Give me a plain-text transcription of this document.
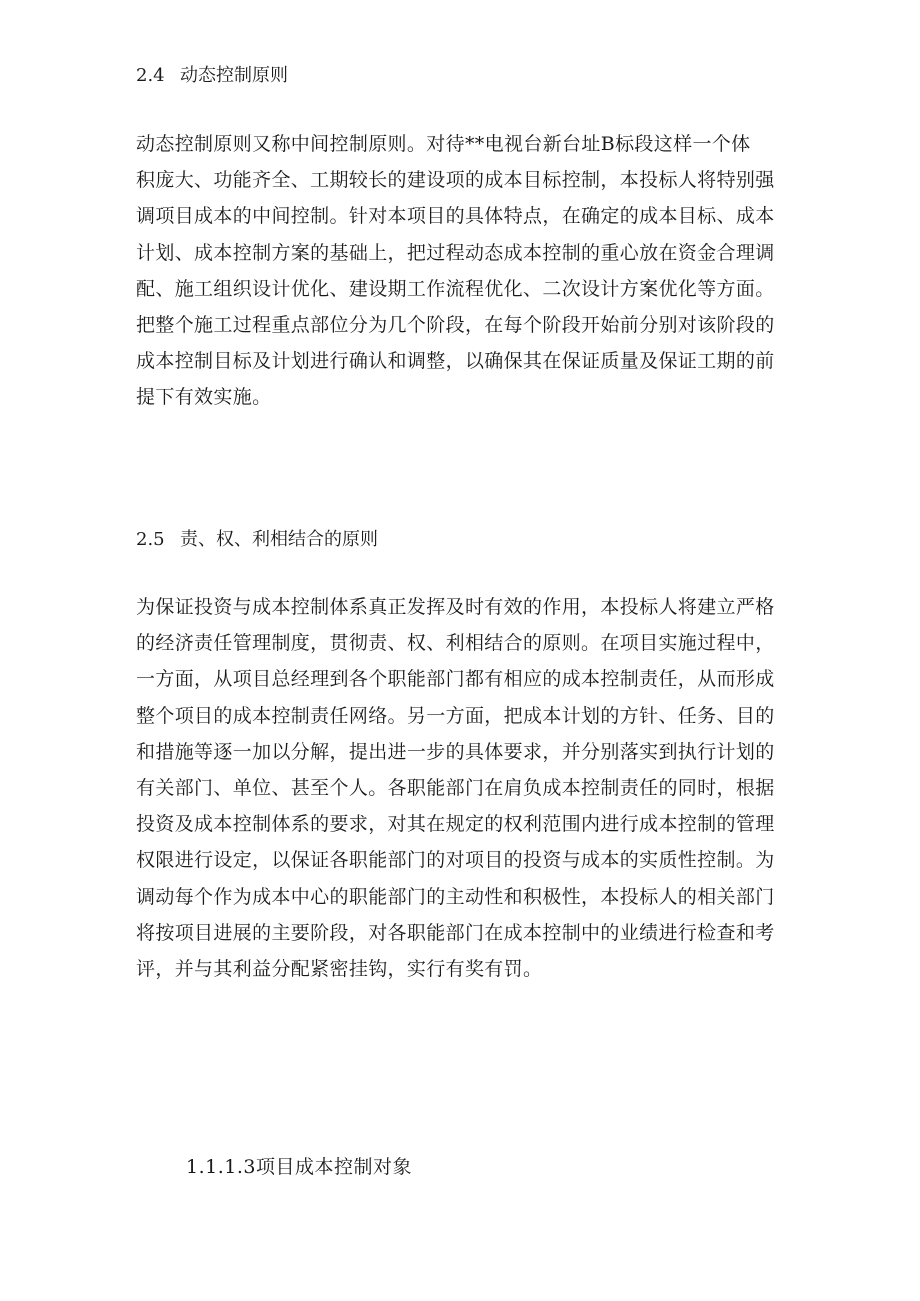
2.4 动态控制原则
动态控制原则又称中间控制原则。对待**电视台新台址B标段这样一个体
积庞大、功能齐全、工期较长的建设项的成本目标控制，本投标人将特别强
调项目成本的中间控制。针对本项目的具体特点，在确定的成本目标、成本
计划、成本控制方案的基础上，把过程动态成本控制的重心放在资金合理调
配、施工组织设计优化、建设期工作流程优化、二次设计方案优化等方面。
把整个施工过程重点部位分为几个阶段，在每个阶段开始前分别对该阶段的
成本控制目标及计划进行确认和调整，以确保其在保证质量及保证工期的前
提下有效实施。
2.5 责、权、利相结合的原则
为保证投资与成本控制体系真正发挥及时有效的作用，本投标人将建立严格
的经济责任管理制度，贯彻责、权、利相结合的原则。在项目实施过程中，
一方面，从项目总经理到各个职能部门都有相应的成本控制责任，从而形成
整个项目的成本控制责任网络。另一方面，把成本计划的方针、任务、目的
和措施等逐一加以分解，提出进一步的具体要求，并分别落实到执行计划的
有关部门、单位、甚至个人。各职能部门在肩负成本控制责任的同时，根据
投资及成本控制体系的要求，对其在规定的权利范围内进行成本控制的管理
权限进行设定，以保证各职能部门的对项目的投资与成本的实质性控制。为
调动每个作为成本中心的职能部门的主动性和积极性，本投标人的相关部门
将按项目进展的主要阶段，对各职能部门在成本控制中的业绩进行检查和考
评，并与其利益分配紧密挂钩，实行有奖有罚。
1.1.1.3项目成本控制对象
